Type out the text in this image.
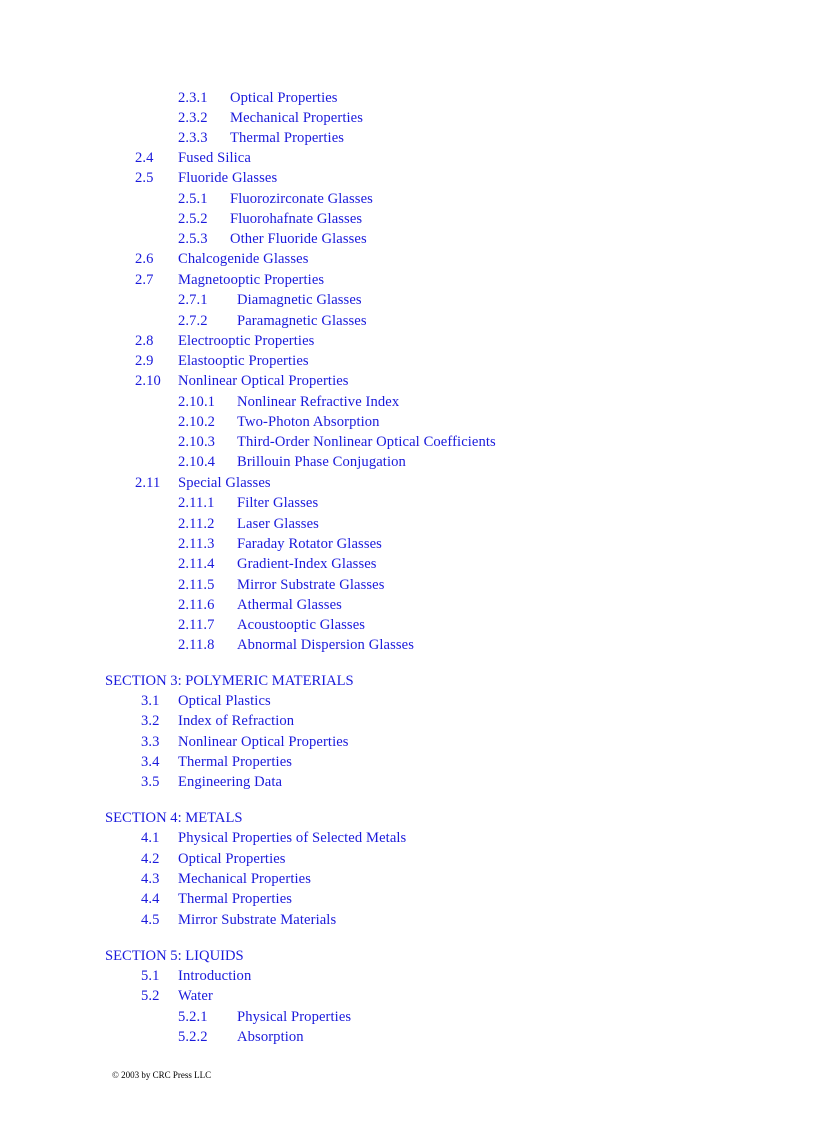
2.3.1 Optical Properties
2.3.2 Mechanical Properties
2.3.3 Thermal Properties
2.4 Fused Silica
2.5 Fluoride Glasses
2.5.1 Fluorozirconate Glasses
2.5.2 Fluorohafnate Glasses
2.5.3 Other Fluoride Glasses
2.6 Chalcogenide Glasses
2.7 Magnetooptic Properties
2.7.1 Diamagnetic Glasses
2.7.2 Paramagnetic Glasses
2.8 Electrooptic Properties
2.9 Elastooptic Properties
2.10 Nonlinear Optical Properties
2.10.1 Nonlinear Refractive Index
2.10.2 Two-Photon Absorption
2.10.3 Third-Order Nonlinear Optical Coefficients
2.10.4 Brillouin Phase Conjugation
2.11 Special Glasses
2.11.1 Filter Glasses
2.11.2 Laser Glasses
2.11.3 Faraday Rotator Glasses
2.11.4 Gradient-Index Glasses
2.11.5 Mirror Substrate Glasses
2.11.6 Athermal Glasses
2.11.7 Acoustooptic Glasses
2.11.8 Abnormal Dispersion Glasses
SECTION 3: POLYMERIC MATERIALS
3.1 Optical Plastics
3.2 Index of Refraction
3.3 Nonlinear Optical Properties
3.4 Thermal Properties
3.5 Engineering Data
SECTION 4: METALS
4.1 Physical Properties of Selected Metals
4.2 Optical Properties
4.3 Mechanical Properties
4.4 Thermal Properties
4.5 Mirror Substrate Materials
SECTION 5: LIQUIDS
5.1 Introduction
5.2 Water
5.2.1 Physical Properties
5.2.2 Absorption
© 2003 by CRC Press LLC
